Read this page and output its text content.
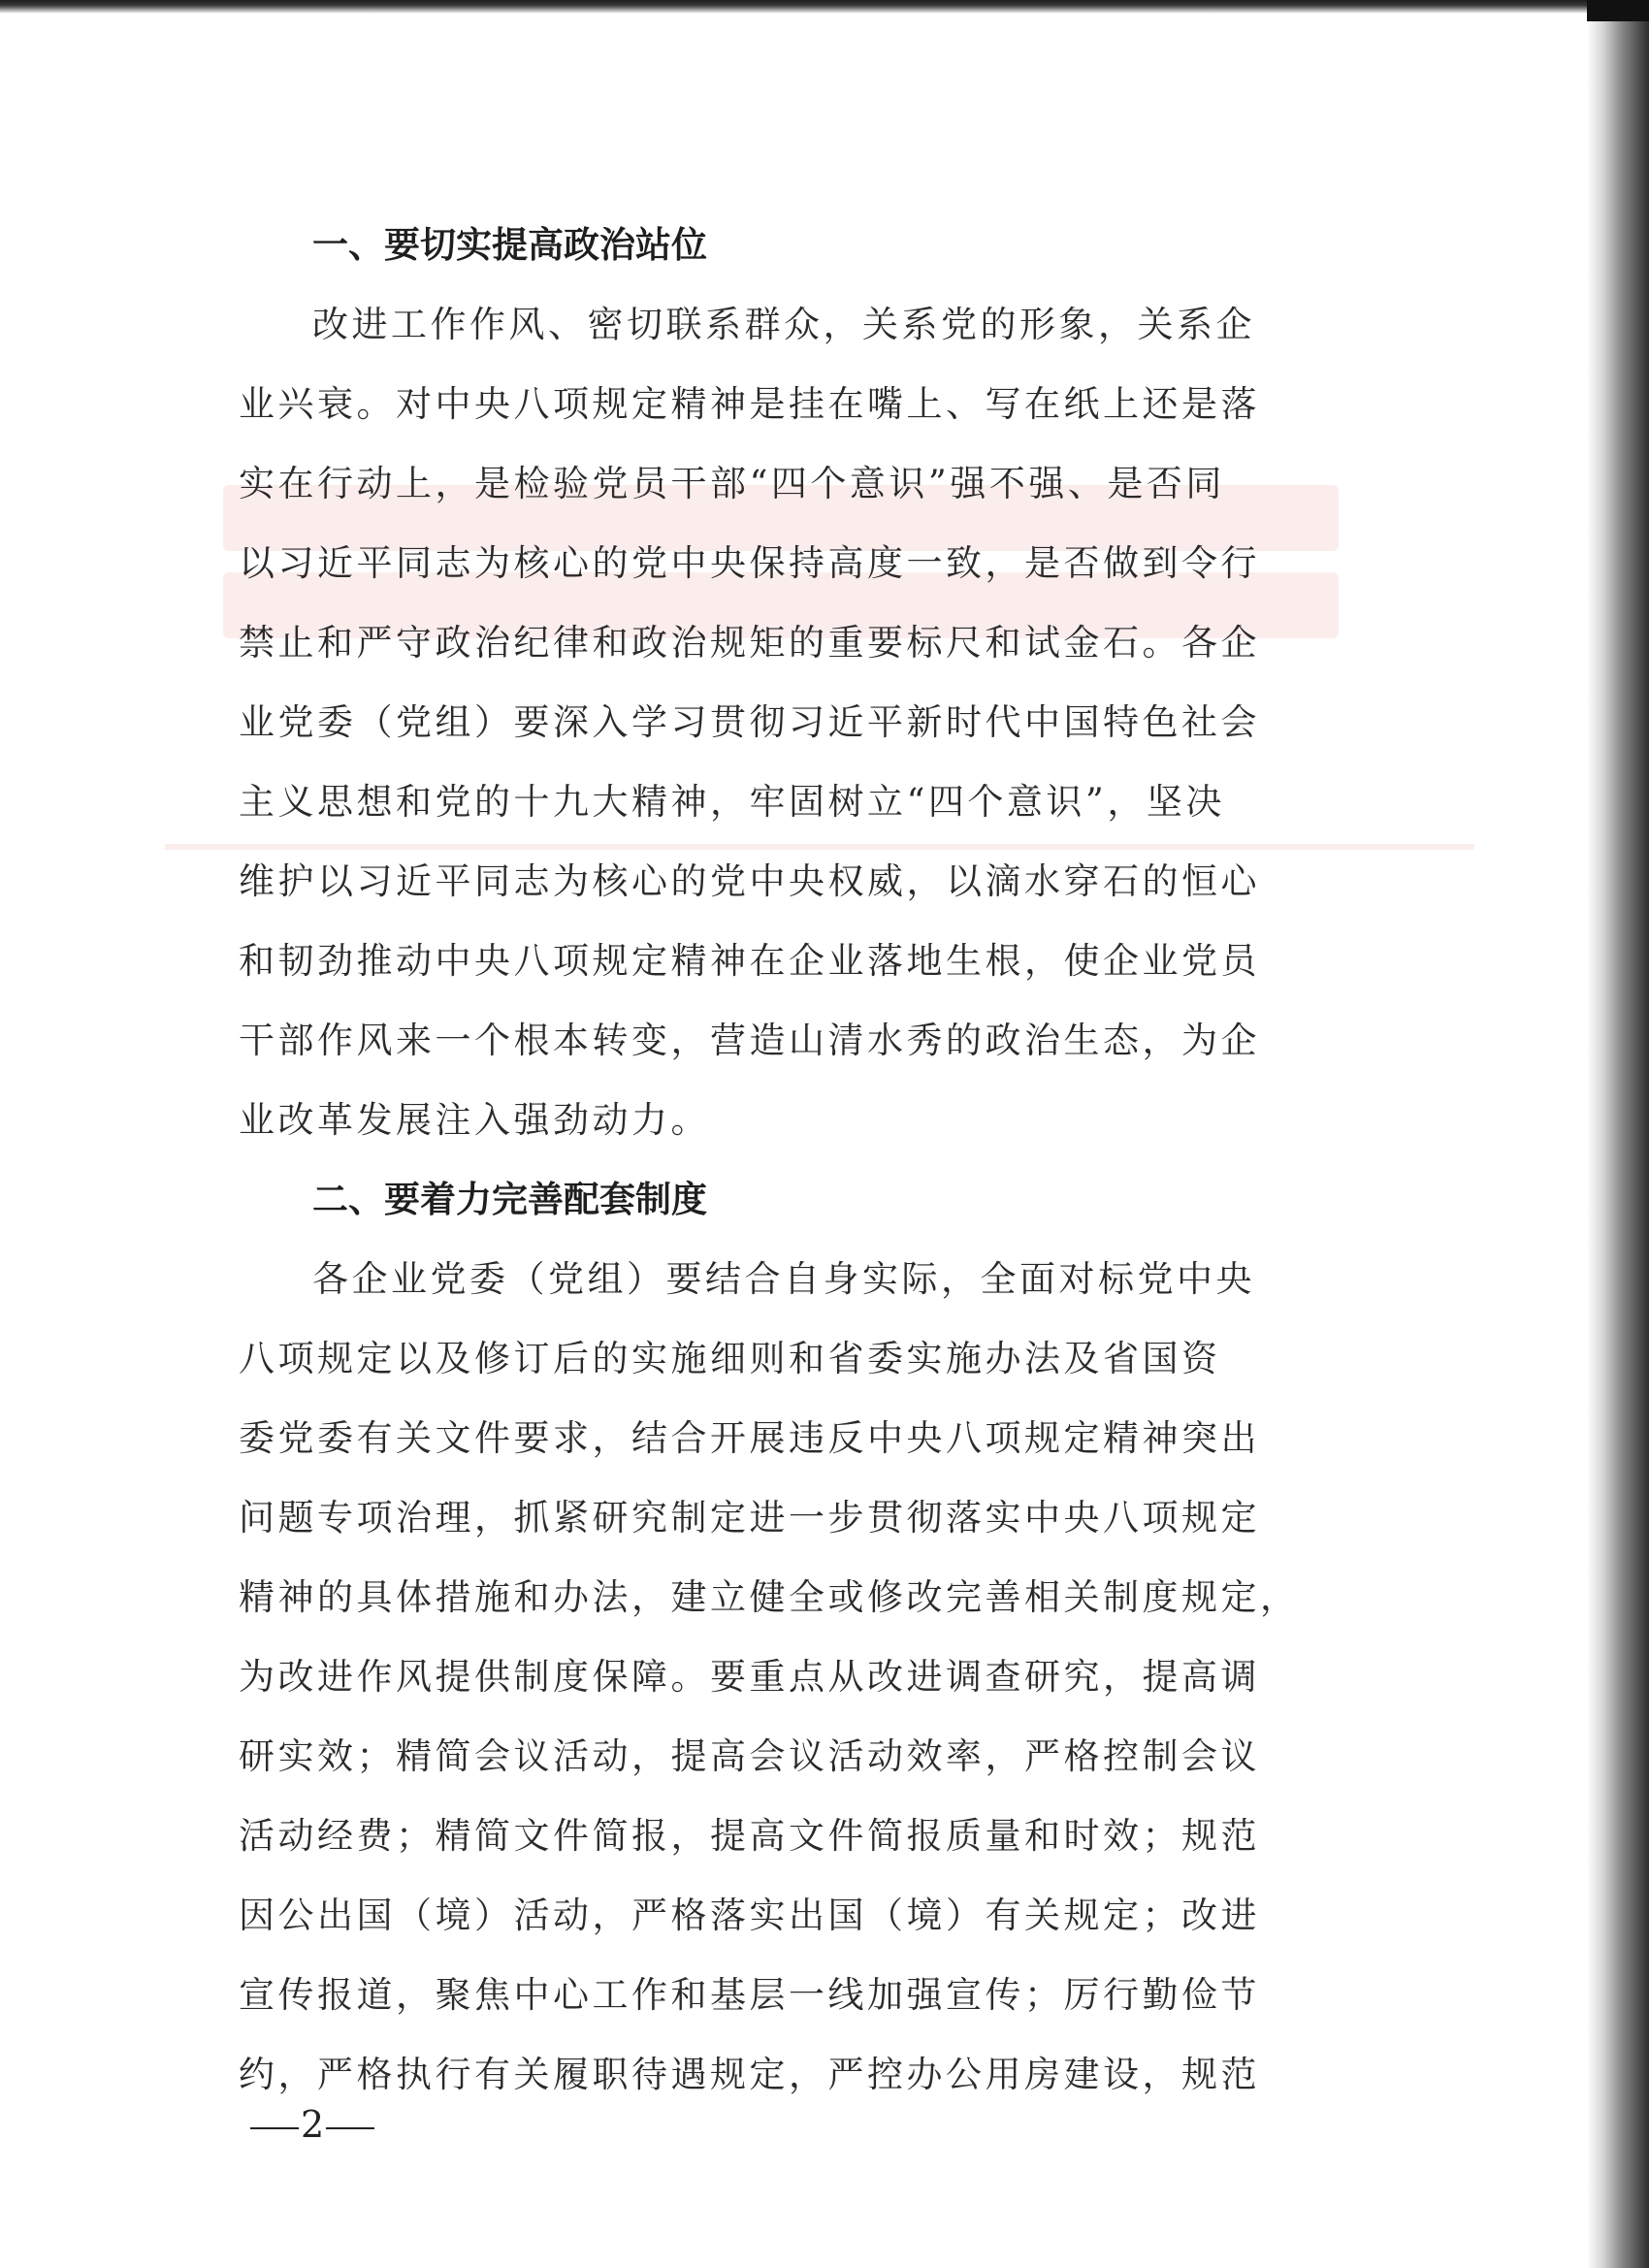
一、要切实提高政治站位

改进工作作风、密切联系群众，关系党的形象，关系企

业兴衰。对中央八项规定精神是挂在嘴上、写在纸上还是落

实在行动上，是检验党员干部“四个意识”强不强、是否同

以习近平同志为核心的党中央保持高度一致，是否做到令行

禁止和严守政治纪律和政治规矩的重要标尺和试金石。各企

业党委（党组）要深入学习贯彻习近平新时代中国特色社会

主义思想和党的十九大精神，牢固树立“四个意识”，坚决

维护以习近平同志为核心的党中央权威，以滴水穿石的恒心

和韧劲推动中央八项规定精神在企业落地生根，使企业党员

干部作风来一个根本转变，营造山清水秀的政治生态，为企

业改革发展注入强劲动力。

二、要着力完善配套制度

各企业党委（党组）要结合自身实际，全面对标党中央

八项规定以及修订后的实施细则和省委实施办法及省国资

委党委有关文件要求，结合开展违反中央八项规定精神突出

问题专项治理，抓紧研究制定进一步贯彻落实中央八项规定

精神的具体措施和办法，建立健全或修改完善相关制度规定，

为改进作风提供制度保障。要重点从改进调查研究，提高调

研实效；精简会议活动，提高会议活动效率，严格控制会议

活动经费；精简文件简报，提高文件简报质量和时效；规范

因公出国（境）活动，严格落实出国（境）有关规定；改进

宣传报道，聚焦中心工作和基层一线加强宣传；厉行勤俭节

约，严格执行有关履职待遇规定，严控办公用房建设，规范

2
